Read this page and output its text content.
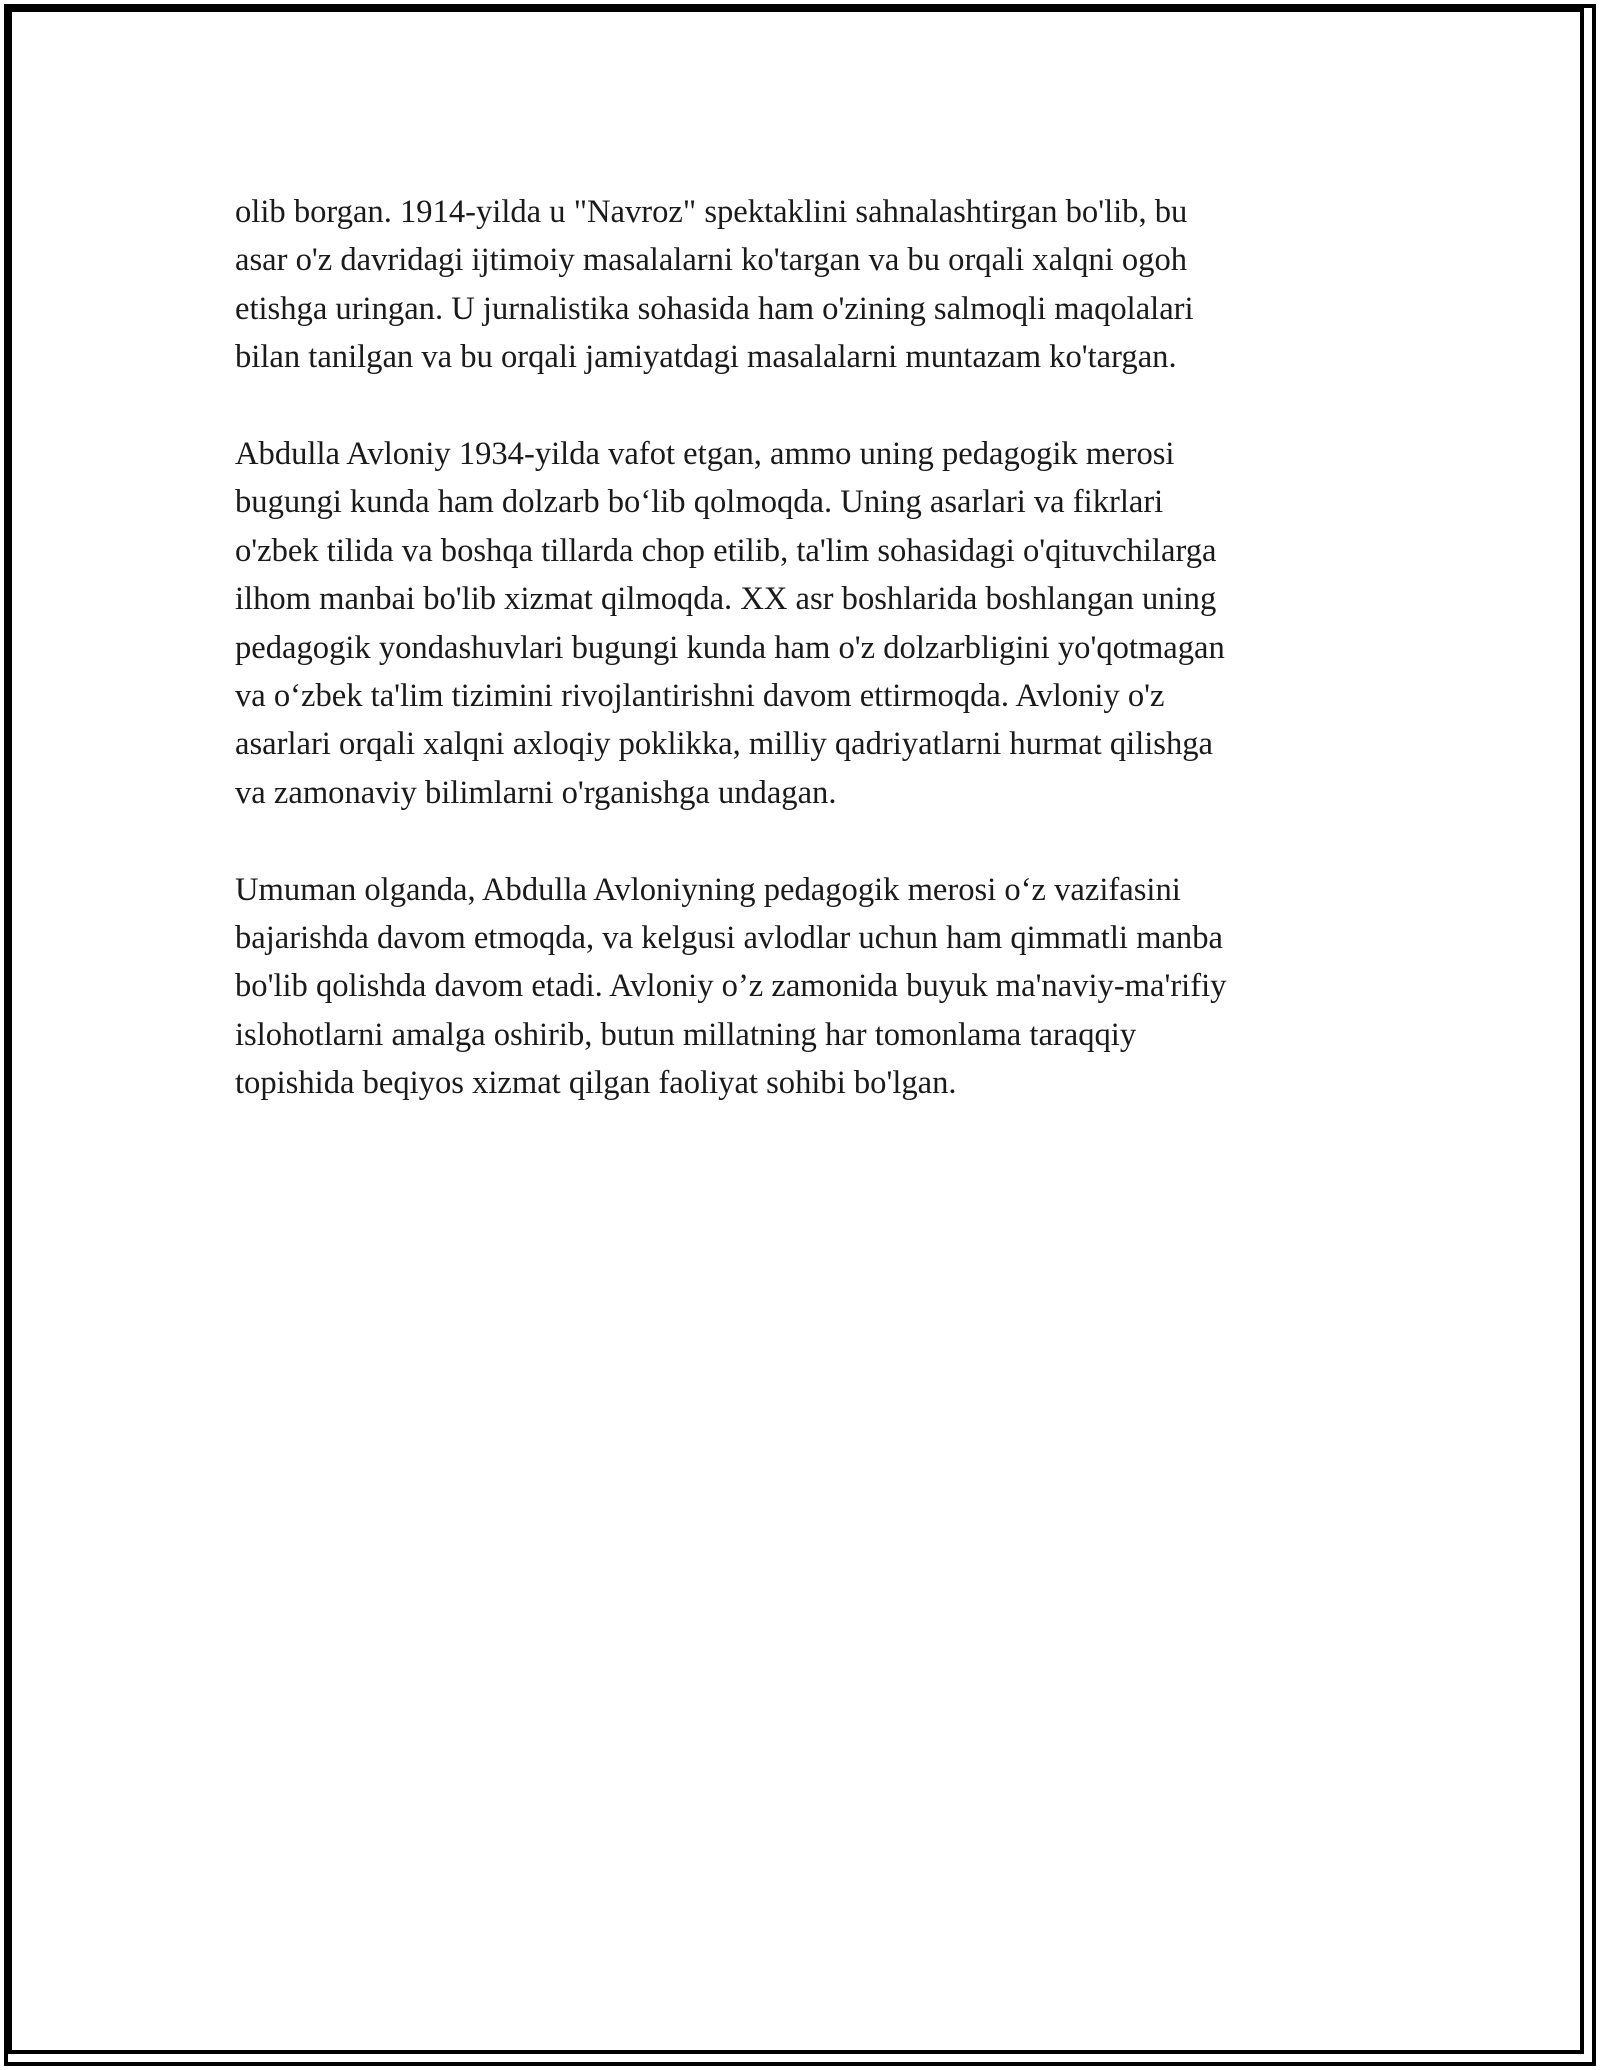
olib borgan. 1914-yilda u "Navroz" spektaklini sahnalashtirgan bo'lib, bu
asar o'z davridagi ijtimoiy masalalarni ko'targan va bu orqali xalqni ogoh
etishga uringan. U jurnalistika sohasida ham o'zining salmoqli maqolalari
bilan tanilgan va bu orqali jamiyatdagi masalalarni muntazam ko'targan.

Abdulla Avloniy 1934-yilda vafot etgan, ammo uning pedagogik merosi
bugungi kunda ham dolzarb bo‘lib qolmoqda. Uning asarlari va fikrlari
o'zbek tilida va boshqa tillarda chop etilib, ta'lim sohasidagi o'qituvchilarga
ilhom manbai bo'lib xizmat qilmoqda. XX asr boshlarida boshlangan uning
pedagogik yondashuvlari bugungi kunda ham o'z dolzarbligini yo'qotmagan
va o‘zbek ta'lim tizimini rivojlantirishni davom ettirmoqda. Avloniy o'z
asarlari orqali xalqni axloqiy poklikka, milliy qadriyatlarni hurmat qilishga
va zamonaviy bilimlarni o'rganishga undagan.

Umuman olganda, Abdulla Avloniyning pedagogik merosi o‘z vazifasini
bajarishda davom etmoqda, va kelgusi avlodlar uchun ham qimmatli manba
bo'lib qolishda davom etadi. Avloniy o’z zamonida buyuk ma'naviy-ma'rifiy
islohotlarni amalga oshirib, butun millatning har tomonlama taraqqiy
topishida beqiyos xizmat qilgan faoliyat sohibi bo'lgan.
